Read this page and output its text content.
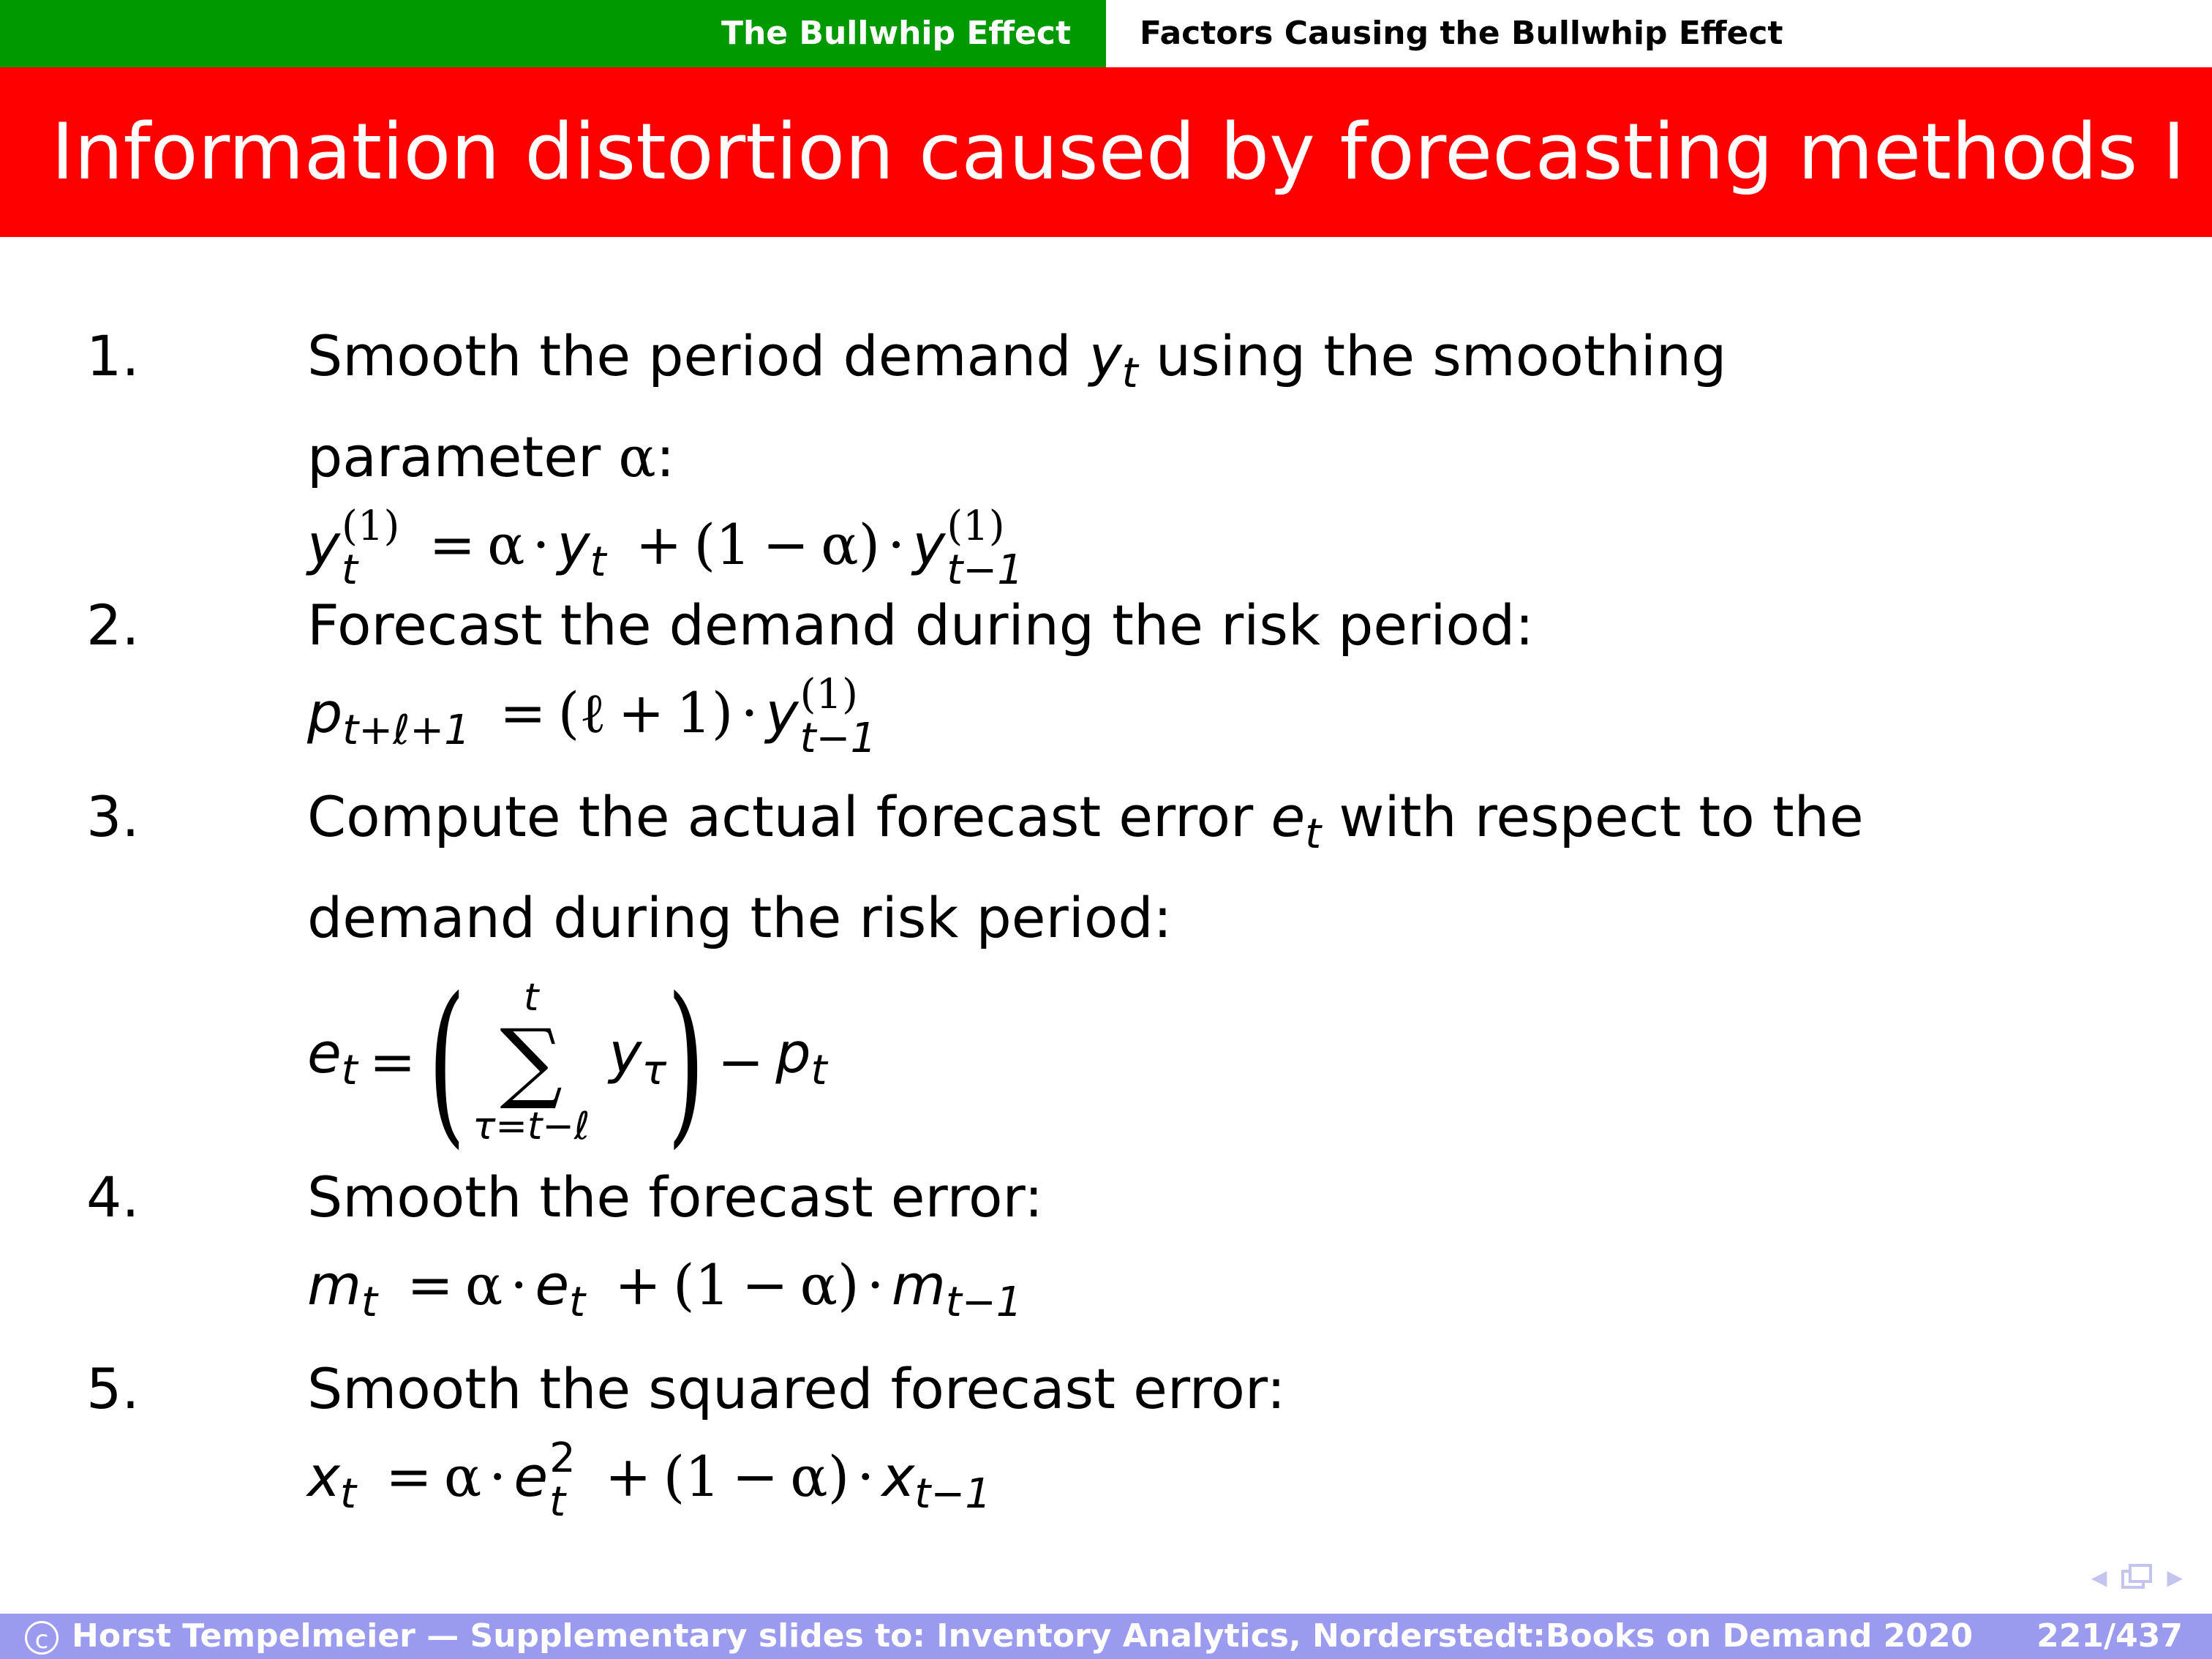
The Bullwhip Effect Factors Causing the Bullwhip Effect
Information distortion caused by forecasting methods I
1.	Smooth the period demand $y_t$ using the smoothing
parameter α:
y (1)
t	= $\alpha \cdot y_t + (1 - \alpha) \cdot y$ (1)
t−1
2.	Forecast the demand during the risk period:
$p_{t+\ell+1}$ = (ℓ + 1) · y (1)
t−1
3.	Compute the actual forecast error $e_t$ with respect to the
demand during the risk period:
$e_t$ = ( t
∑
τ=t−ℓ
$y_\tau$ ) − $p_t$
4.	Smooth the forecast error:
$m_t = \alpha \cdot e_t + (1 - \alpha) \cdot m_{t-1}$
5.	Smooth the squared forecast error:
$x_t = \alpha \cdot e$ 2
$t + (1 - \alpha) \cdot x_{t-1}$
◀	▶
c Horst Tempelmeier — Supplementary slides to: Inventory Analytics, Norderstedt:Books on Demand 2020 221/437
